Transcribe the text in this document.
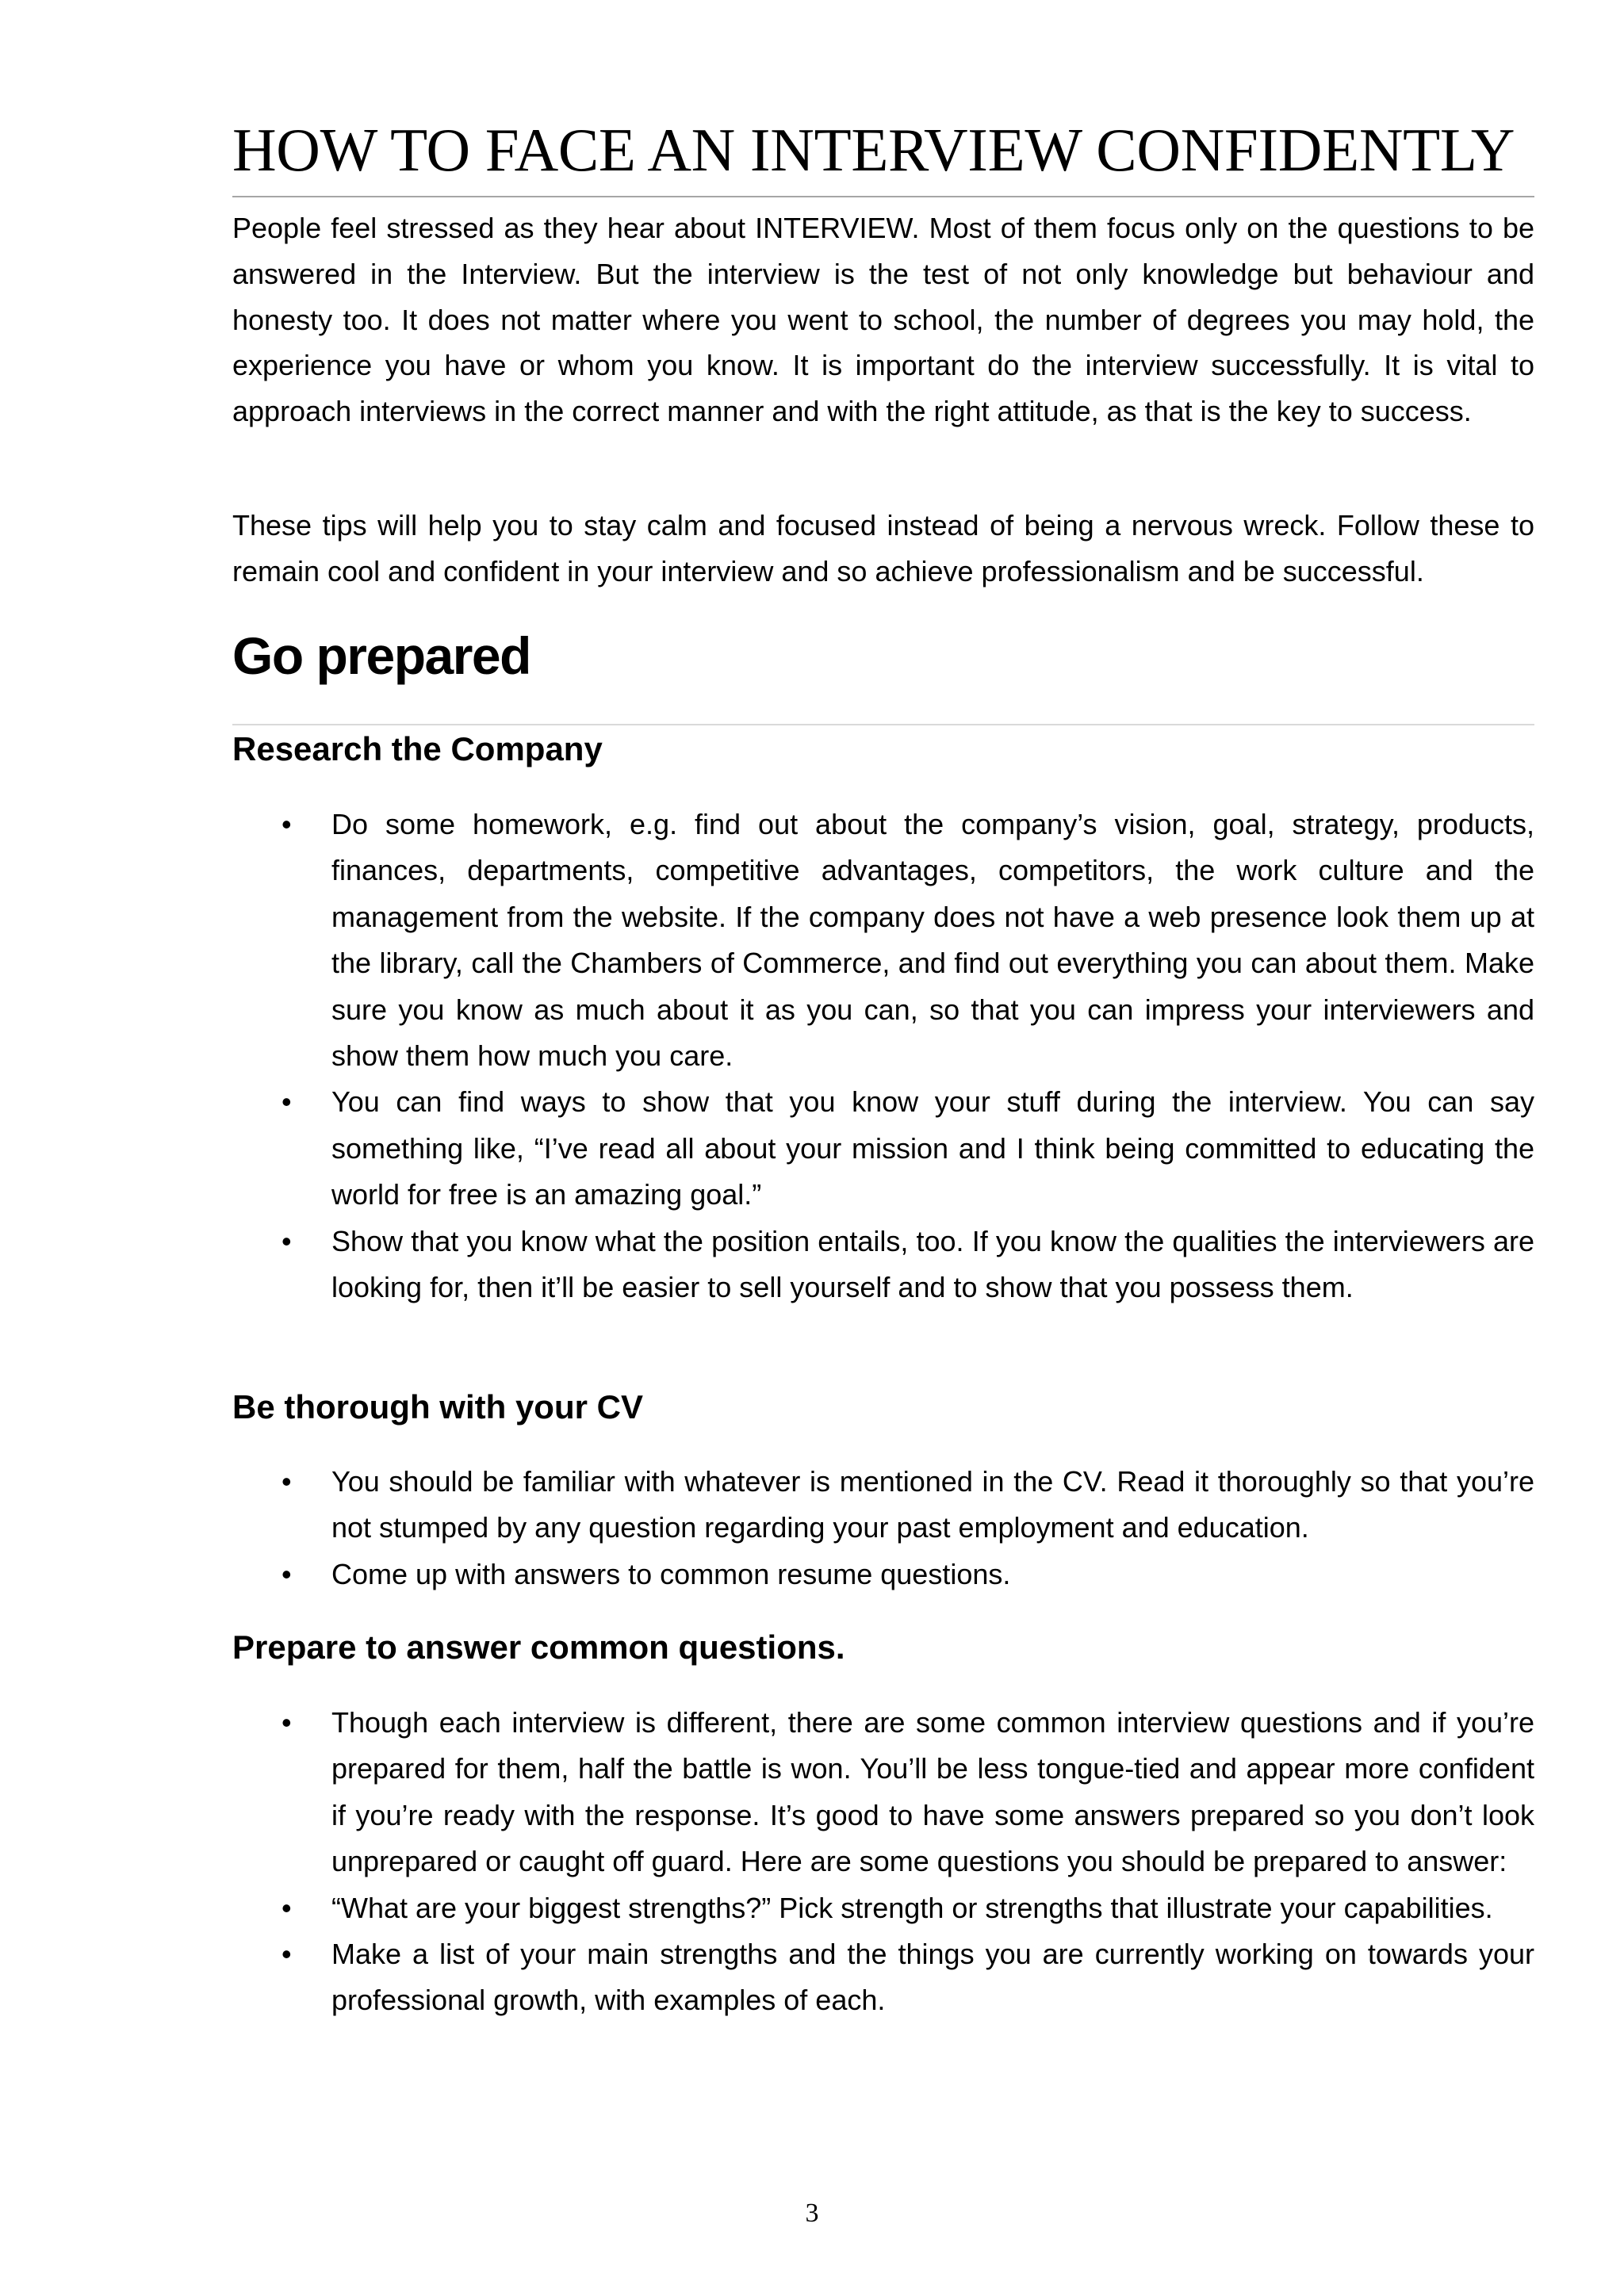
HOW TO FACE AN INTERVIEW CONFIDENTLY

People feel stressed as they hear about INTERVIEW. Most of them focus only on the questions to be answered in the Interview. But the interview is the test of not only knowledge but behaviour and honesty too. It does not matter where you went to school, the number of degrees you may hold, the experience you have or whom you know. It is important do the interview successfully. It is vital to approach interviews in the correct manner and with the right attitude, as that is the key to success.

These tips will help you to stay calm and focused instead of being a nervous wreck. Follow these to remain cool and confident in your interview and so achieve professionalism and be successful.

Go prepared
Research the Company
• Do some homework, e.g. find out about the company’s vision, goal, strategy, products, finances, departments, competitive advantages, competitors, the work culture and the management from the website. If the company does not have a web presence look them up at the library, call the Chambers of Commerce, and find out everything you can about them. Make sure you know as much about it as you can, so that you can impress your interviewers and show them how much you care.
• You can find ways to show that you know your stuff during the interview. You can say something like, “I’ve read all about your mission and I think being committed to educating the world for free is an amazing goal.”
• Show that you know what the position entails, too. If you know the qualities the interviewers are looking for, then it’ll be easier to sell yourself and to show that you possess them.
Be thorough with your CV
• You should be familiar with whatever is mentioned in the CV. Read it thoroughly so that you’re not stumped by any question regarding your past employment and education.
• Come up with answers to common resume questions.
Prepare to answer common questions.
• Though each interview is different, there are some common interview questions and if you’re prepared for them, half the battle is won. You’ll be less tongue-tied and appear more confident if you’re ready with the response. It’s good to have some answers prepared so you don’t look unprepared or caught off guard. Here are some questions you should be prepared to answer:
• “What are your biggest strengths?” Pick strength or strengths that illustrate your capabilities.
• Make a list of your main strengths and the things you are currently working on towards your professional growth, with examples of each.
3
